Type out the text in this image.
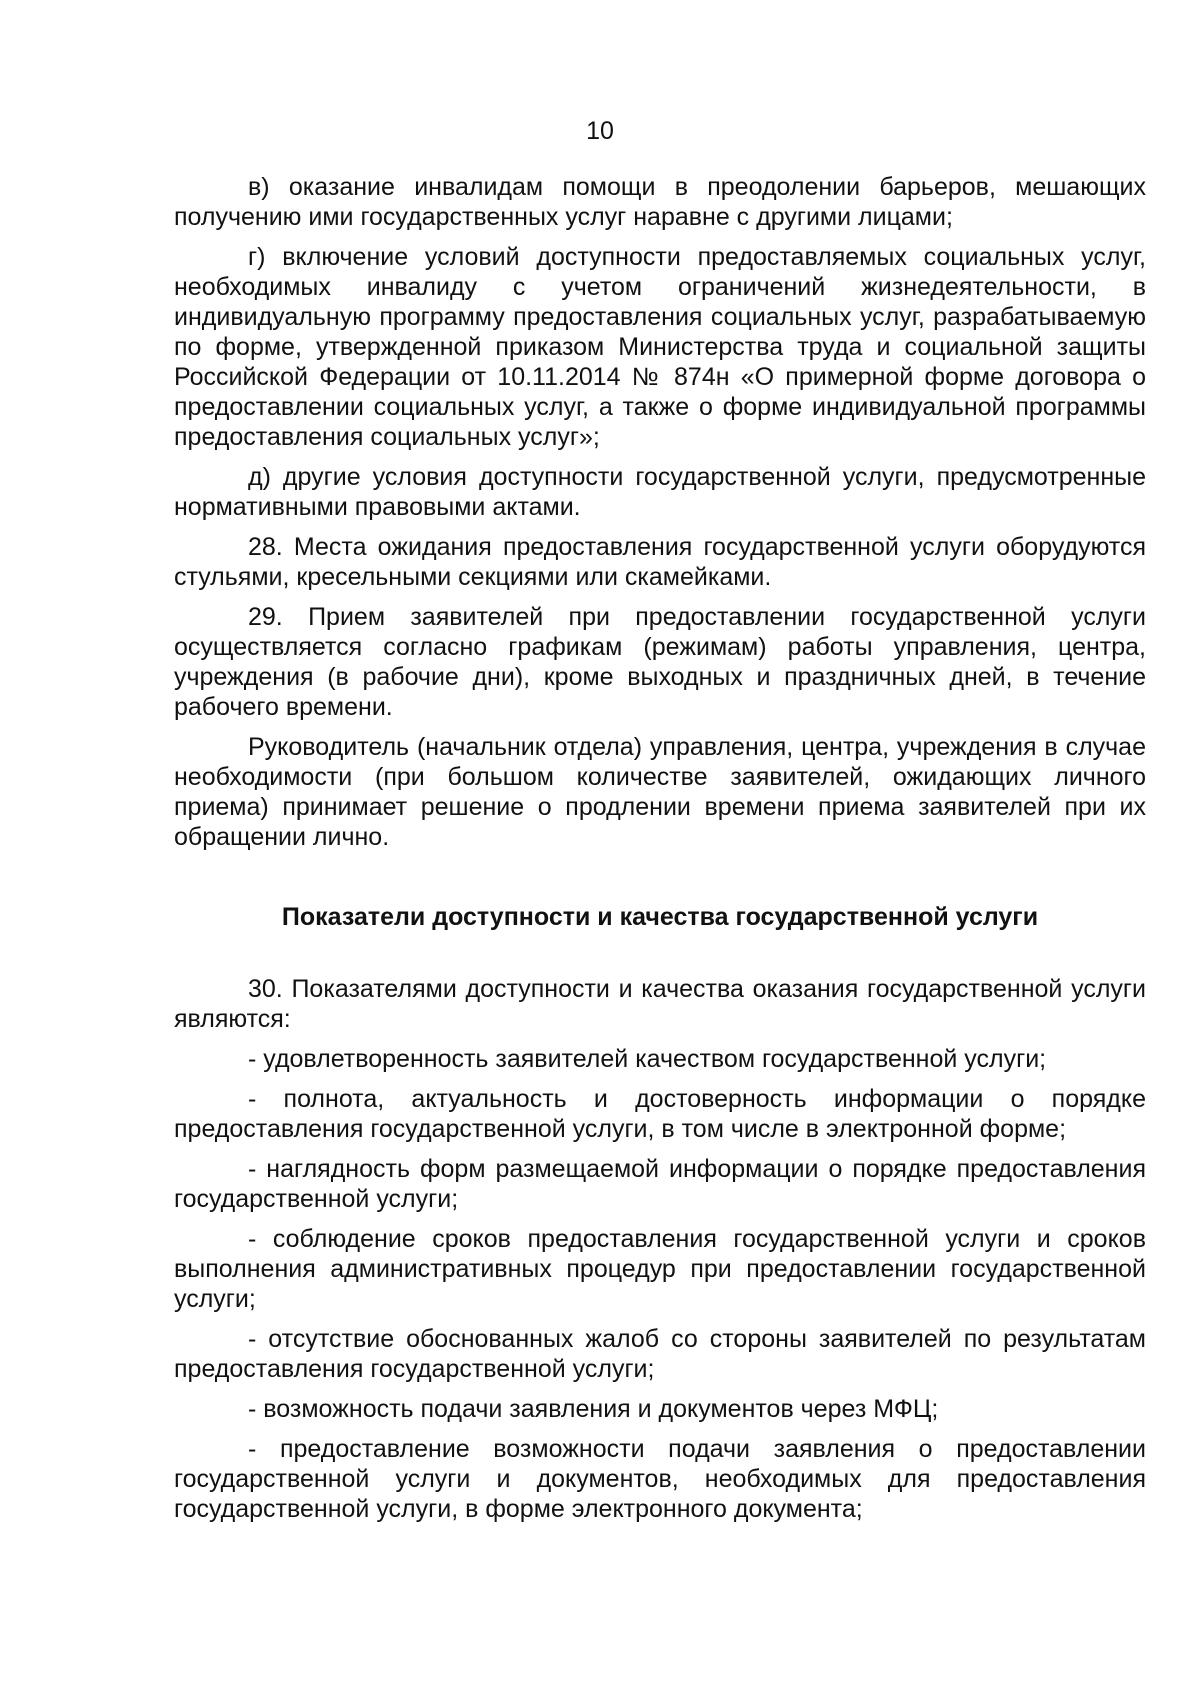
10

в) оказание инвалидам помощи в преодолении барьеров, мешающих получению ими государственных услуг наравне с другими лицами;

г) включение условий доступности предоставляемых социальных услуг, необходимых инвалиду с учетом ограничений жизнедеятельности, в индивидуальную программу предоставления социальных услуг, разрабатываемую по форме, утвержденной приказом Министерства труда и социальной защиты Российской Федерации от 10.11.2014 № 874н «О примерной форме договора о предоставлении социальных услуг, а также о форме индивидуальной программы предоставления социальных услуг»;

д) другие условия доступности государственной услуги, предусмотренные нормативными правовыми актами.

28. Места ожидания предоставления государственной услуги оборудуются стульями, кресельными секциями или скамейками.

29. Прием заявителей при предоставлении государственной услуги осуществляется согласно графикам (режимам) работы управления, центра, учреждения (в рабочие дни), кроме выходных и праздничных дней, в течение рабочего времени.

Руководитель (начальник отдела) управления, центра, учреждения в случае необходимости (при большом количестве заявителей, ожидающих личного приема) принимает решение о продлении времени приема заявителей при их обращении лично.

Показатели доступности и качества государственной услуги

30. Показателями доступности и качества оказания государственной услуги являются:

- удовлетворенность заявителей качеством государственной услуги;

- полнота, актуальность и достоверность информации о порядке предоставления государственной услуги, в том числе в электронной форме;

- наглядность форм размещаемой информации о порядке предоставления государственной услуги;

- соблюдение сроков предоставления государственной услуги и сроков выполнения административных процедур при предоставлении государственной услуги;

- отсутствие обоснованных жалоб со стороны заявителей по результатам предоставления государственной услуги;

- возможность подачи заявления и документов через МФЦ;

- предоставление возможности подачи заявления о предоставлении государственной услуги и документов, необходимых для предоставления государственной услуги, в форме электронного документа;
